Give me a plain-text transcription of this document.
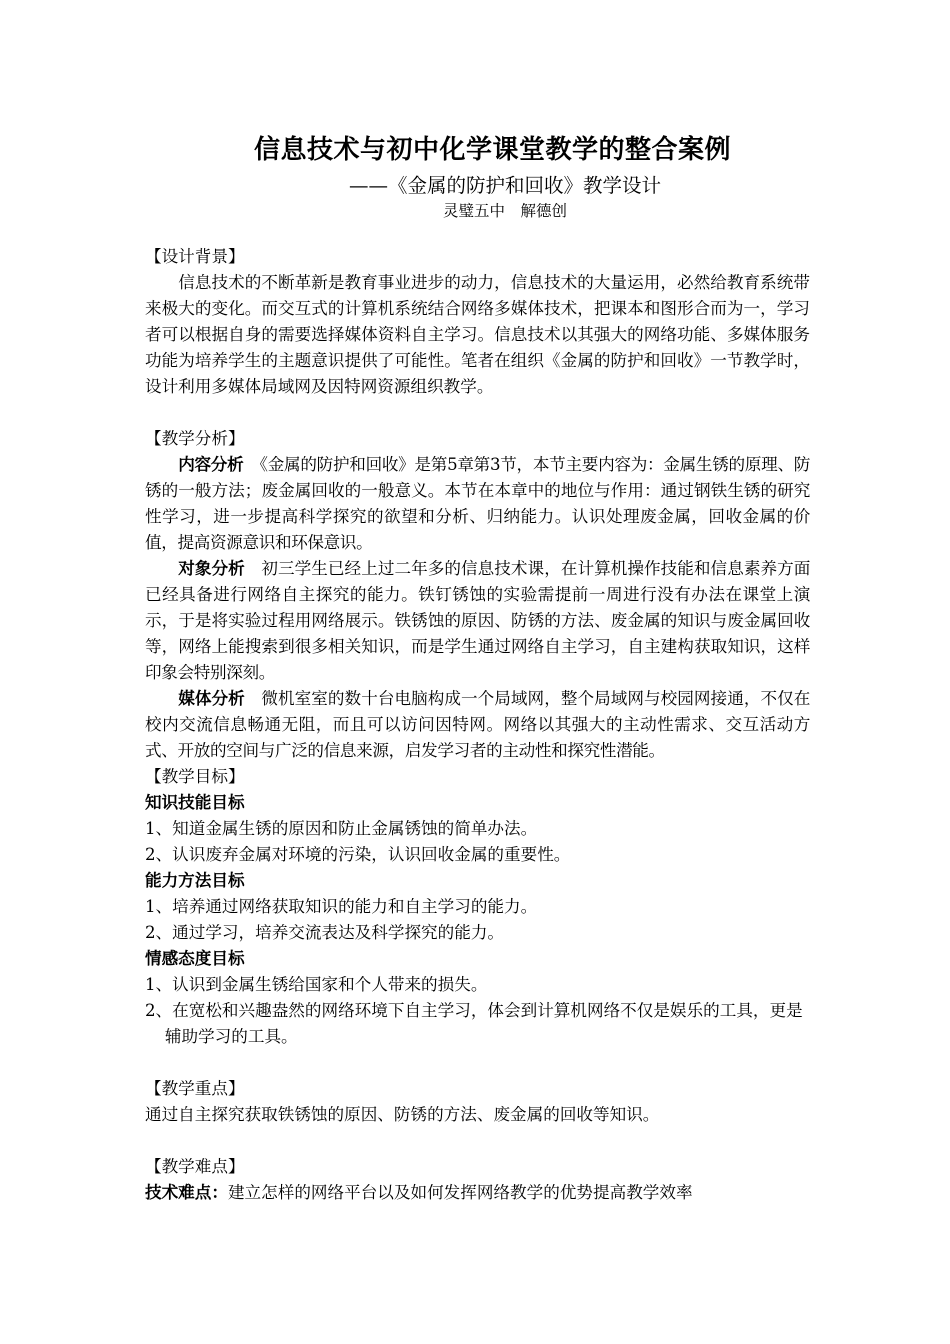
信息技术与初中化学课堂教学的整合案例
——《金属的防护和回收》教学设计
灵璧五中　解德创
【设计背景】

信息技术的不断革新是教育事业进步的动力，信息技术的大量运用，必然给教育系统带来极大的变化。而交互式的计算机系统结合网络多媒体技术，把课本和图形合而为一，学习者可以根据自身的需要选择媒体资料自主学习。信息技术以其强大的网络功能、多媒体服务功能为培养学生的主题意识提供了可能性。笔者在组织《金属的防护和回收》一节教学时，设计利用多媒体局域网及因特网资源组织教学。

【教学分析】

内容分析　《金属的防护和回收》是第5章第3节，本节主要内容为：金属生锈的原理、防锈的一般方法；废金属回收的一般意义。本节在本章中的地位与作用：通过钢铁生锈的研究性学习，进一步提高科学探究的欲望和分析、归纳能力。认识处理废金属，回收金属的价值，提高资源意识和环保意识。

对象分析　初三学生已经上过二年多的信息技术课，在计算机操作技能和信息素养方面已经具备进行网络自主探究的能力。铁钉锈蚀的实验需提前一周进行没有办法在课堂上演示，于是将实验过程用网络展示。铁锈蚀的原因、防锈的方法、废金属的知识与废金属回收等，网络上能搜索到很多相关知识，而是学生通过网络自主学习，自主建构获取知识，这样印象会特别深刻。

媒体分析　微机室室的数十台电脑构成一个局域网，整个局域网与校园网接通，不仅在校内交流信息畅通无阻，而且可以访问因特网。网络以其强大的主动性需求、交互活动方式、开放的空间与广泛的信息来源，启发学习者的主动性和探究性潜能。

【教学目标】

知识技能目标

1、知道金属生锈的原因和防止金属锈蚀的简单办法。

2、认识废弃金属对环境的污染，认识回收金属的重要性。

能力方法目标

1、培养通过网络获取知识的能力和自主学习的能力。

2、通过学习，培养交流表达及科学探究的能力。

情感态度目标

1、认识到金属生锈给国家和个人带来的损失。

2、在宽松和兴趣盎然的网络环境下自主学习，体会到计算机网络不仅是娱乐的工具，更是辅助学习的工具。

【教学重点】

通过自主探究获取铁锈蚀的原因、防锈的方法、废金属的回收等知识。

【教学难点】

技术难点：建立怎样的网络平台以及如何发挥网络教学的优势提高教学效率
